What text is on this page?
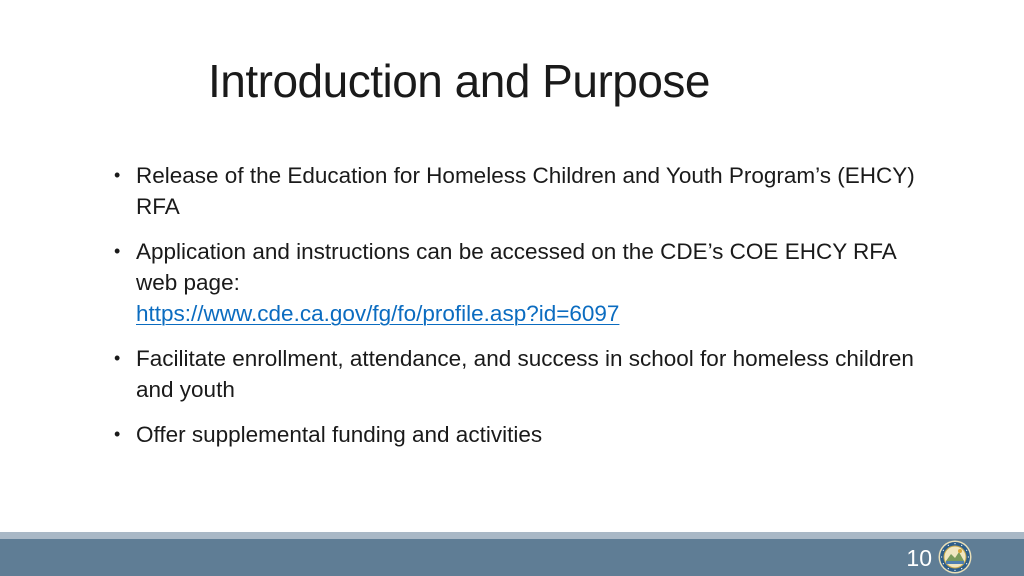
Introduction and Purpose
• Release of the Education for Homeless Children and Youth Program’s (EHCY) RFA
• Application and instructions can be accessed on the CDE’s COE EHCY RFA web page:
https://www.cde.ca.gov/fg/fo/profile.asp?id=6097
• Facilitate enrollment, attendance, and success in school for homeless children and youth
• Offer supplemental funding and activities
10
